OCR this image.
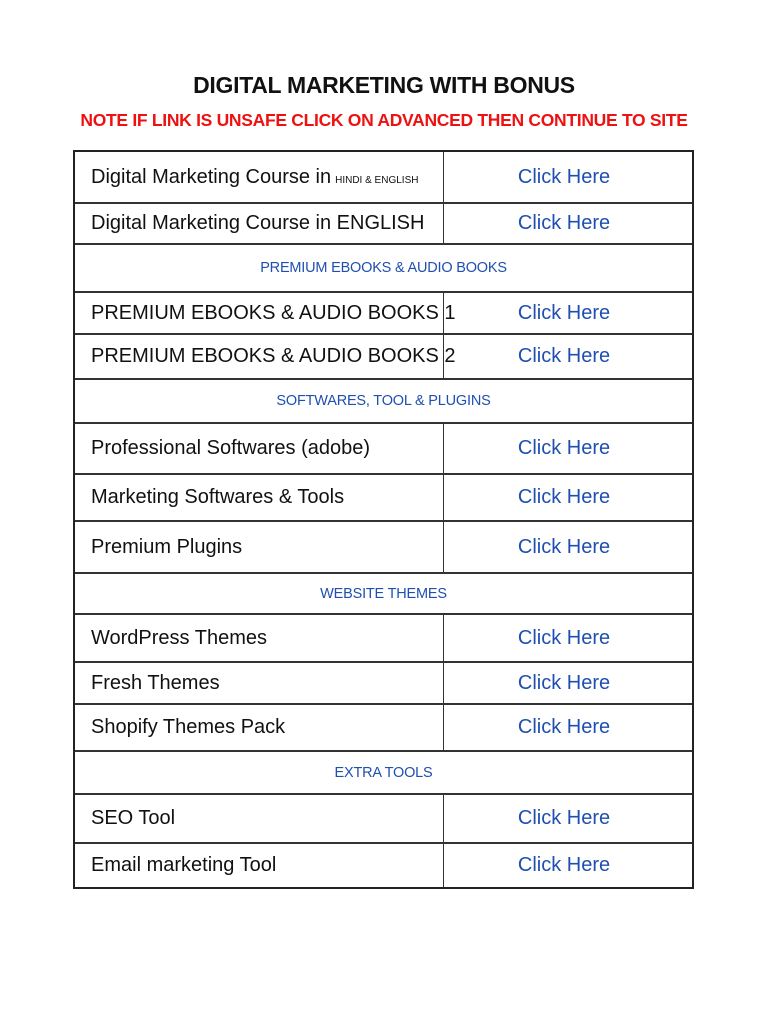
DIGITAL MARKETING WITH BONUS
NOTE IF LINK IS UNSAFE CLICK ON ADVANCED THEN CONTINUE TO SITE
Digital Marketing Course in HINDI & ENGLISH	Click Here
Digital Marketing Course in ENGLISH	Click Here
PREMIUM EBOOKS & AUDIO BOOKS
PREMIUM EBOOKS & AUDIO BOOKS 1	Click Here
PREMIUM EBOOKS & AUDIO BOOKS 2	Click Here
SOFTWARES, TOOL & PLUGINS
Professional Softwares (adobe)	Click Here
Marketing Softwares & Tools	Click Here
Premium Plugins	Click Here
WEBSITE THEMES
WordPress Themes	Click Here
Fresh Themes	Click Here
Shopify Themes Pack	Click Here
EXTRA TOOLS
SEO Tool	Click Here
Email marketing Tool	Click Here
